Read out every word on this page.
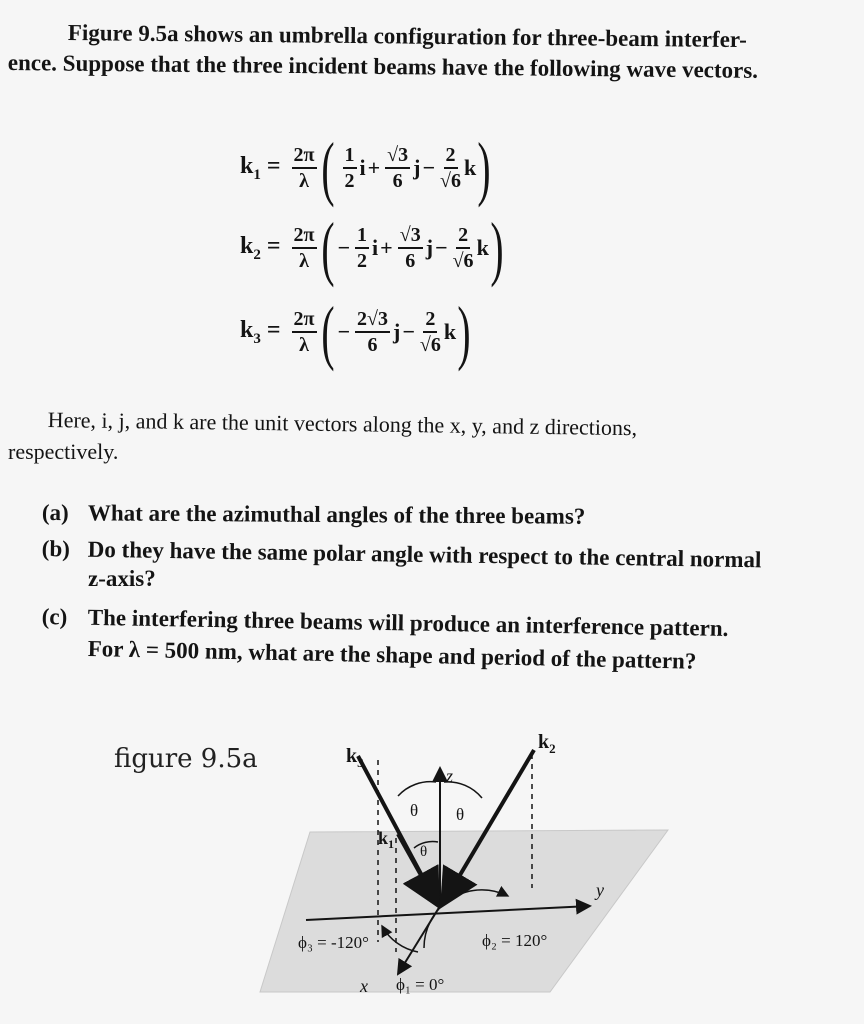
Figure 9.5a shows an umbrella configuration for three-beam interfer-
ence. Suppose that the three incident beams have the following wave vectors.
$k_1 = \frac{2\pi}{\lambda}$ ( $\frac{1}{2}$ $i + \frac{√3}{6}$ $j - \frac{2}{√6}$ k )
$k_2 = \frac{2\pi}{\lambda}$ ( − $\frac{1}{2}$ $i + \frac{√3}{6}$ $j - \frac{2}{√6}$ k )
$k_3 = \frac{2\pi}{\lambda}$ ( − $\frac{2√3}{6}$ $j - \frac{2}{√6}$ k )
Here, i, j, and k are the unit vectors along the x, y, and z directions,
respectively.
(a) What are the azimuthal angles of the three beams?
(b) Do they have the same polar angle with respect to the central normal
z-axis?
(c) The interfering three beams will produce an interference pattern.
For λ = 500 nm, what are the shape and period of the pattern?
figure 9.5a	$k_3$
$k_2$
$k_1$
z
y
x
θ θ
θ
ϕ₃ = -120°	ϕ₂ = 120°
ϕ₁ = 0°
